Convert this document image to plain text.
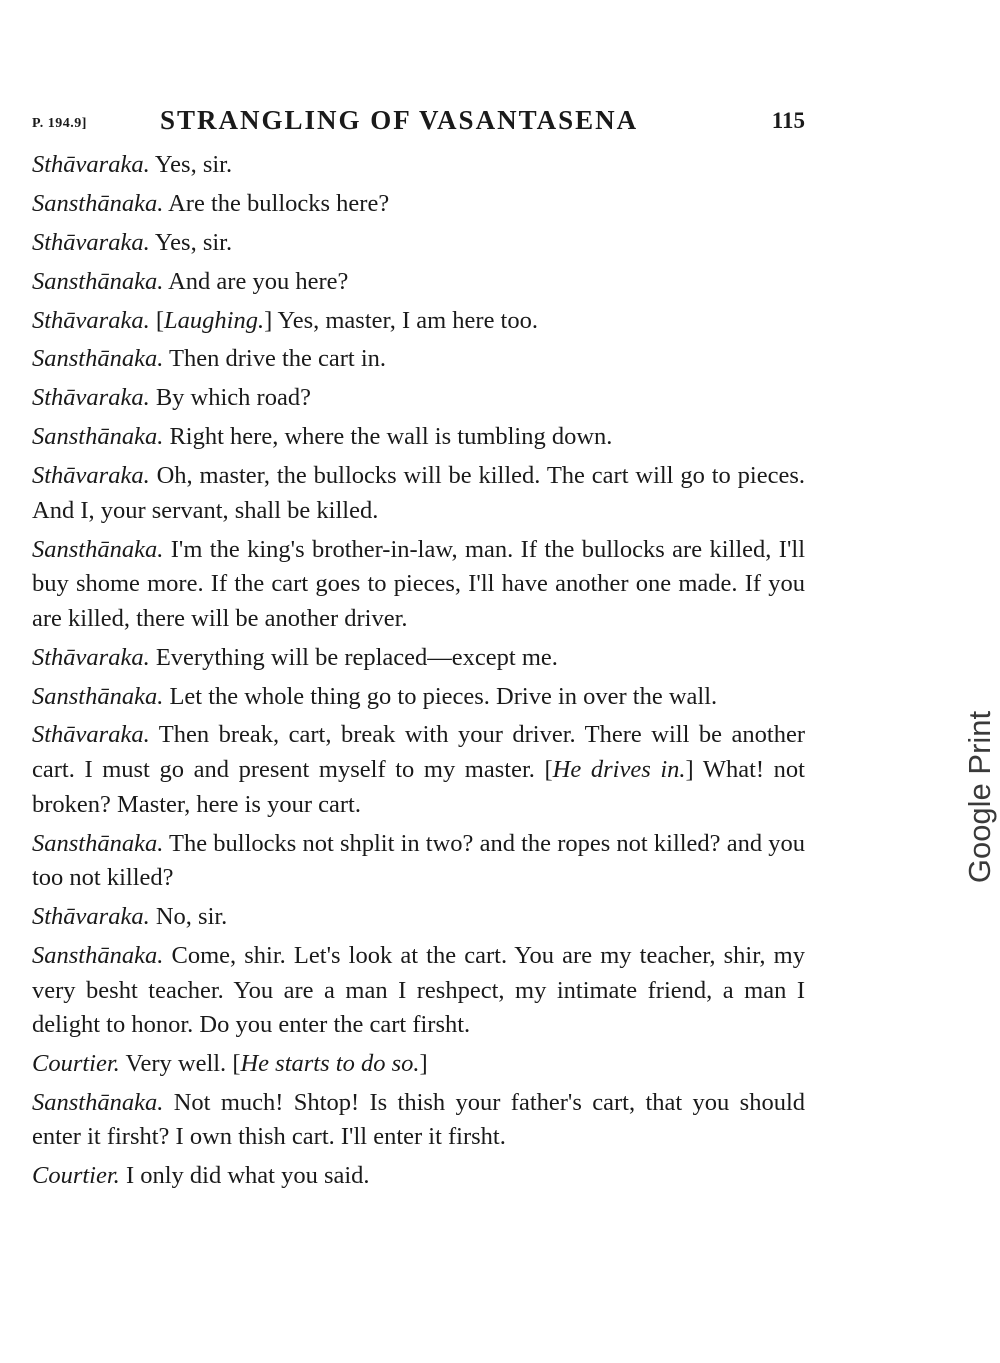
P. 194.9]	STRANGLING OF VASANTASENA	115

Sthāvaraka. Yes, sir.

Sansthānaka. Are the bullocks here?

Sthāvaraka. Yes, sir.

Sansthānaka. And are you here?

Sthāvaraka. [Laughing.] Yes, master, I am here too.

Sansthānaka. Then drive the cart in.

Sthāvaraka. By which road?

Sansthānaka. Right here, where the wall is tumbling down.

Sthāvaraka. Oh, master, the bullocks will be killed. The cart will go to pieces. And I, your servant, shall be killed.

Sansthānaka. I'm the king's brother-in-law, man. If the bullocks are killed, I'll buy shome more. If the cart goes to pieces, I'll have another one made. If you are killed, there will be another driver.

Sthāvaraka. Everything will be replaced—except me.

Sansthānaka. Let the whole thing go to pieces. Drive in over the wall.

Sthāvaraka. Then break, cart, break with your driver. There will be another cart. I must go and present myself to my master. [He drives in.] What! not broken? Master, here is your cart.

Sansthānaka. The bullocks not shplit in two? and the ropes not killed? and you too not killed?

Sthāvaraka. No, sir.

Sansthānaka. Come, shir. Let's look at the cart. You are my teacher, shir, my very besht teacher. You are a man I reshpect, my intimate friend, a man I delight to honor. Do you enter the cart firsht.

Courtier. Very well. [He starts to do so.]

Sansthānaka. Not much! Shtop! Is thish your father's cart, that you should enter it firsht? I own thish cart. I'll enter it firsht.

Courtier. I only did what you said.

Google Print
